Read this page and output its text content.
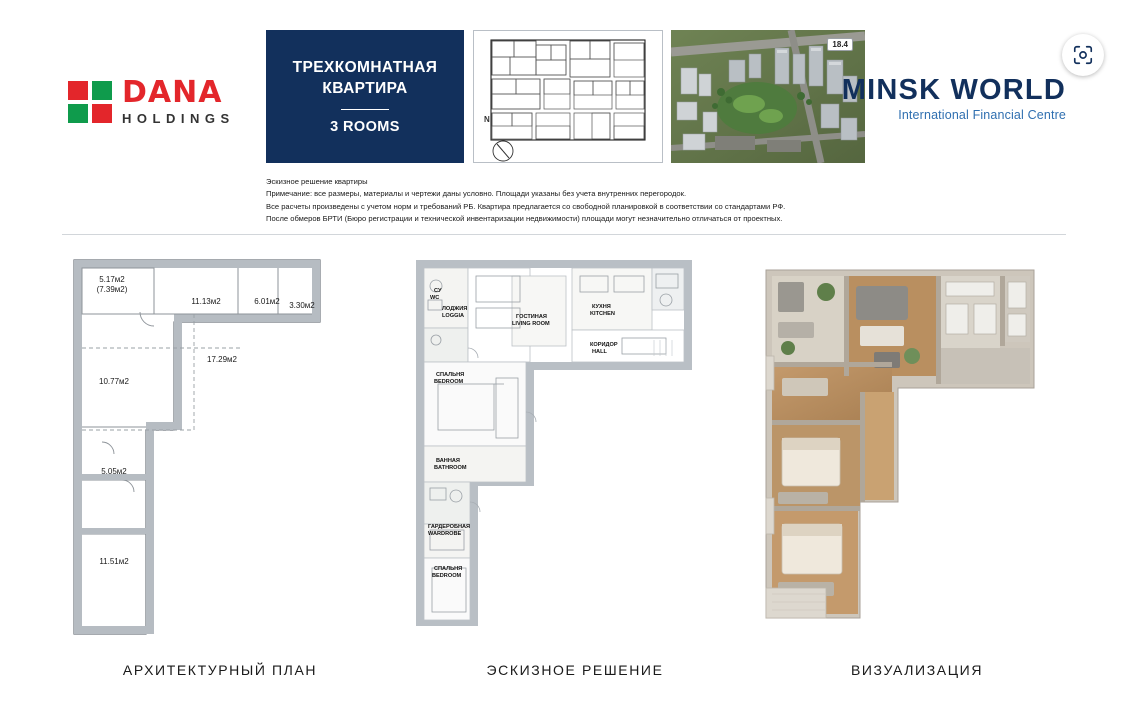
DANA
HOLDINGS
ТРЕХКОМНАТНАЯ КВАРТИРА
3 ROOMS	N
18.4
MINSK WORLD
International Financial Centre
Эскизное решение квартиры
Примечание: все размеры, материалы и чертежи даны условно. Площади указаны без учета внутренних перегородок.
Все расчеты произведены с учетом норм и требований РБ. Квартира предлагается со свободной планировкой в соответствии со стандартами РФ.
После обмеров БРТИ (Бюро регистрации и технической инвентаризации недвижимости) площади могут незначительно отличаться от проектных.
5.17м2
(7.39м2)
11.13м2	6.01м2 3.30м2
17.29м2
10.77м2
5.05м2
11.51м2
АРХИТЕКТУРНЫЙ ПЛАН
СУ
WC
ЛОДЖИЯ
LOGGIA	ГОСТИНАЯ
LIVING ROOM
КУХНЯ
KITCHEN
КОРИДОР
HALL
СПАЛЬНЯ
BEDROOM
ВАННАЯ
BATHROOM
ГАРДЕРОБНАЯ
WARDROBE
СПАЛЬНЯ
BEDROOM
ЭСКИЗНОЕ РЕШЕНИЕ	ВИЗУАЛИЗАЦИЯ
